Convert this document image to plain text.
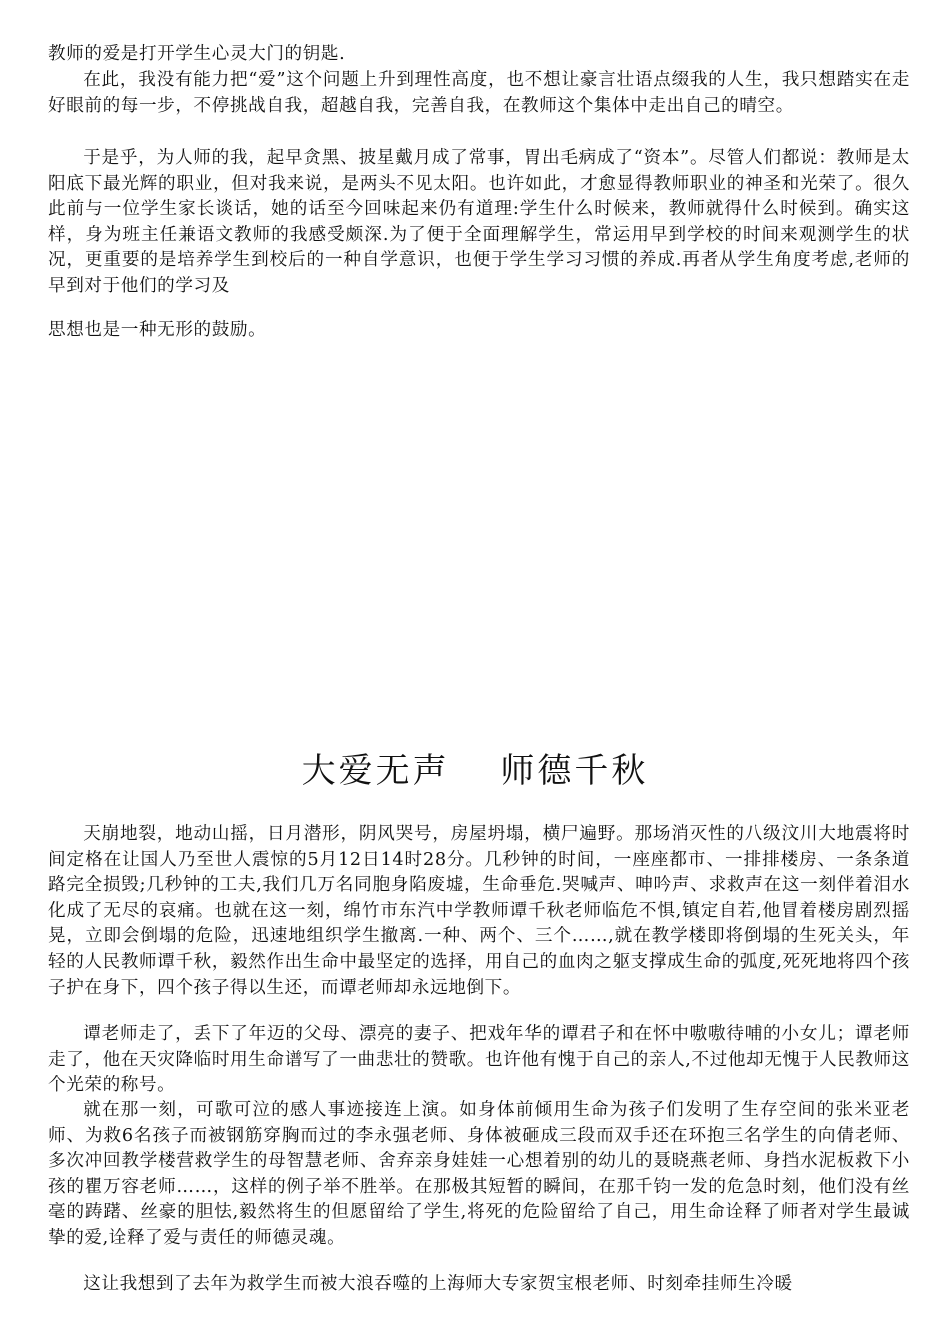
教师的爱是打开学生心灵大门的钥匙.

在此，我没有能力把“爱”这个问题上升到理性高度，也不想让豪言壮语点缀我的人生，我只想踏实在走好眼前的每一步，不停挑战自我，超越自我，完善自我，在教师这个集体中走出自己的晴空。

于是乎，为人师的我，起早贪黑、披星戴月成了常事，胃出毛病成了“资本”。尽管人们都说：教师是太阳底下最光辉的职业，但对我来说，是两头不见太阳。也许如此，才愈显得教师职业的神圣和光荣了。很久此前与一位学生家长谈话，她的话至今回味起来仍有道理:学生什么时候来，教师就得什么时候到。确实这样，身为班主任兼语文教师的我感受颇深.为了便于全面理解学生，常运用早到学校的时间来观测学生的状况，更重要的是培养学生到校后的一种自学意识，也便于学生学习习惯的养成.再者从学生角度考虑,老师的早到对于他们的学习及

思想也是一种无形的鼓励。

大爱无声　 师德千秋

天崩地裂，地动山摇，日月潜形，阴风哭号，房屋坍塌，横尸遍野。那场消灭性的八级汶川大地震将时间定格在让国人乃至世人震惊的5月12日14时28分。几秒钟的时间，一座座都市、一排排楼房、一条条道路完全损毁;几秒钟的工夫,我们几万名同胞身陷废墟，生命垂危.哭喊声、呻吟声、求救声在这一刻伴着泪水化成了无尽的哀痛。也就在这一刻，绵竹市东汽中学教师谭千秋老师临危不惧,镇定自若,他冒着楼房剧烈摇晃，立即会倒塌的危险，迅速地组织学生撤离.一种、两个、三个……,就在教学楼即将倒塌的生死关头，年轻的人民教师谭千秋，毅然作出生命中最坚定的选择，用自己的血肉之躯支撑成生命的弧度,死死地将四个孩子护在身下，四个孩子得以生还，而谭老师却永远地倒下。

谭老师走了，丢下了年迈的父母、漂亮的妻子、把戏年华的谭君子和在怀中嗷嗷待哺的小女儿；谭老师走了，他在天灾降临时用生命谱写了一曲悲壮的赞歌。也许他有愧于自己的亲人,不过他却无愧于人民教师这个光荣的称号。

就在那一刻，可歌可泣的感人事迹接连上演。如身体前倾用生命为孩子们发明了生存空间的张米亚老师、为救6名孩子而被钢筋穿胸而过的李永强老师、身体被砸成三段而双手还在环抱三名学生的向倩老师、多次冲回教学楼营救学生的母智慧老师、舍弃亲身娃娃一心想着别的幼儿的聂晓燕老师、身挡水泥板救下小孩的瞿万容老师……，这样的例子举不胜举。在那极其短暂的瞬间，在那千钧一发的危急时刻，他们没有丝毫的踌躇、丝豪的胆怯,毅然将生的但愿留给了学生,将死的危险留给了自己，用生命诠释了师者对学生最诚挚的爱,诠释了爱与责任的师德灵魂。

这让我想到了去年为救学生而被大浪吞噬的上海师大专家贺宝根老师、时刻牵挂师生冷暖
